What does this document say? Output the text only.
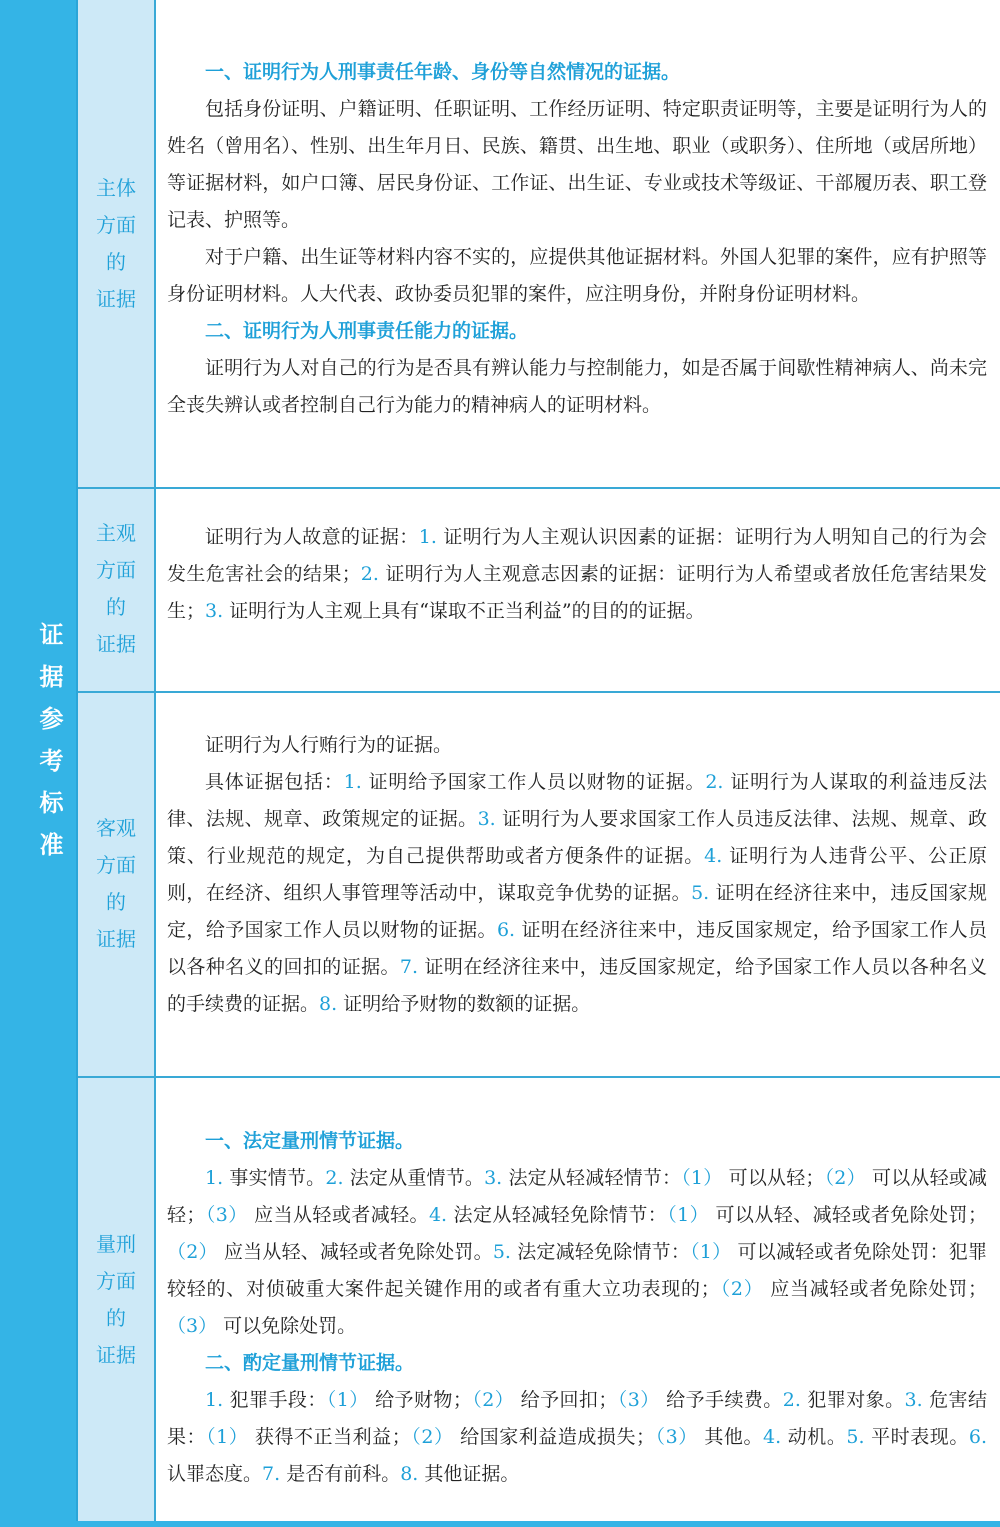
证据参考标准
主体
方面
的
证据

一、证明行为人刑事责任年龄、身份等自然情况的证据。

包括身份证明、户籍证明、任职证明、工作经历证明、特定职责证明等，主要是证明行为人的姓名（曾用名）、性别、出生年月日、民族、籍贯、出生地、职业（或职务）、住所地（或居所地）等证据材料，如户口簿、居民身份证、工作证、出生证、专业或技术等级证、干部履历表、职工登记表、护照等。

对于户籍、出生证等材料内容不实的，应提供其他证据材料。外国人犯罪的案件，应有护照等身份证明材料。人大代表、政协委员犯罪的案件，应注明身份，并附身份证明材料。

二、证明行为人刑事责任能力的证据。

证明行为人对自己的行为是否具有辨认能力与控制能力，如是否属于间歇性精神病人、尚未完全丧失辨认或者控制自己行为能力的精神病人的证明材料。

主观
方面
的
证据

证明行为人故意的证据：1. 证明行为人主观认识因素的证据：证明行为人明知自己的行为会发生危害社会的结果；2. 证明行为人主观意志因素的证据：证明行为人希望或者放任危害结果发生；3. 证明行为人主观上具有“谋取不正当利益”的目的的证据。

客观
方面
的
证据

证明行为人行贿行为的证据。

具体证据包括：1. 证明给予国家工作人员以财物的证据。2. 证明行为人谋取的利益违反法律、法规、规章、政策规定的证据。3. 证明行为人要求国家工作人员违反法律、法规、规章、政策、行业规范的规定，为自己提供帮助或者方便条件的证据。4. 证明行为人违背公平、公正原则，在经济、组织人事管理等活动中，谋取竞争优势的证据。5. 证明在经济往来中，违反国家规定，给予国家工作人员以财物的证据。6. 证明在经济往来中，违反国家规定，给予国家工作人员以各种名义的回扣的证据。7. 证明在经济往来中，违反国家规定，给予国家工作人员以各种名义的手续费的证据。8. 证明给予财物的数额的证据。

量刑
方面
的
证据

一、法定量刑情节证据。

1. 事实情节。2. 法定从重情节。3. 法定从轻减轻情节：（1） 可以从轻；（2） 可以从轻或减轻；（3） 应当从轻或者减轻。4. 法定从轻减轻免除情节：（1） 可以从轻、减轻或者免除处罚；（2） 应当从轻、减轻或者免除处罚。5. 法定减轻免除情节：（1） 可以减轻或者免除处罚：犯罪较轻的、对侦破重大案件起关键作用的或者有重大立功表现的；（2） 应当减轻或者免除处罚；（3） 可以免除处罚。

二、酌定量刑情节证据。

1. 犯罪手段：（1） 给予财物；（2） 给予回扣；（3） 给予手续费。2. 犯罪对象。3. 危害结果：（1） 获得不正当利益；（2） 给国家利益造成损失；（3） 其他。4. 动机。5. 平时表现。6. 认罪态度。7. 是否有前科。8. 其他证据。
